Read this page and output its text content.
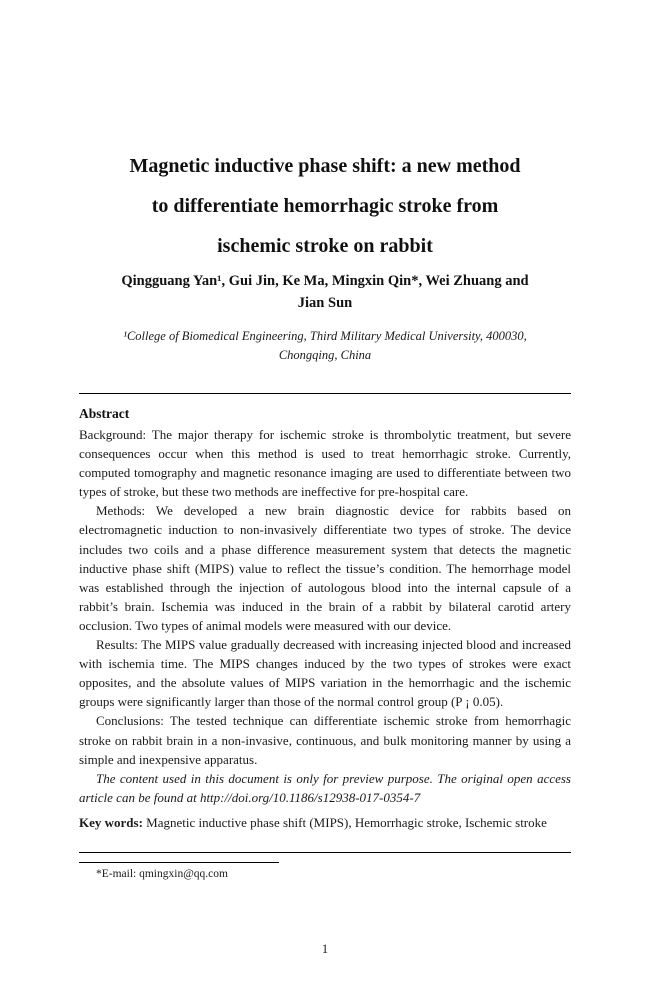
Magnetic inductive phase shift: a new method
to differentiate hemorrhagic stroke from
ischemic stroke on rabbit
Qingguang Yan¹, Gui Jin, Ke Ma, Mingxin Qin*, Wei Zhuang and
Jian Sun
¹College of Biomedical Engineering, Third Military Medical University, 400030,
Chongqing, China
Abstract

Background: The major therapy for ischemic stroke is thrombolytic treatment, but severe consequences occur when this method is used to treat hemorrhagic stroke. Currently, computed tomography and magnetic resonance imaging are used to differentiate between two types of stroke, but these two methods are ineffective for pre-hospital care.

Methods: We developed a new brain diagnostic device for rabbits based on electromagnetic induction to non-invasively differentiate two types of stroke. The device includes two coils and a phase difference measurement system that detects the magnetic inductive phase shift (MIPS) value to reflect the tissue’s condition. The hemorrhage model was established through the injection of autologous blood into the internal capsule of a rabbit’s brain. Ischemia was induced in the brain of a rabbit by bilateral carotid artery occlusion. Two types of animal models were measured with our device.

Results: The MIPS value gradually decreased with increasing injected blood and increased with ischemia time. The MIPS changes induced by the two types of strokes were exact opposites, and the absolute values of MIPS variation in the hemorrhagic and the ischemic groups were significantly larger than those of the normal control group (P ¡ 0.05).

Conclusions: The tested technique can differentiate ischemic stroke from hemorrhagic stroke on rabbit brain in a non-invasive, continuous, and bulk monitoring manner by using a simple and inexpensive apparatus.

The content used in this document is only for preview purpose. The original open access article can be found at http://doi.org/10.1186/s12938-017-0354-7

Key words: Magnetic inductive phase shift (MIPS), Hemorrhagic stroke, Ischemic stroke

*E-mail: qmingxin@qq.com
1
